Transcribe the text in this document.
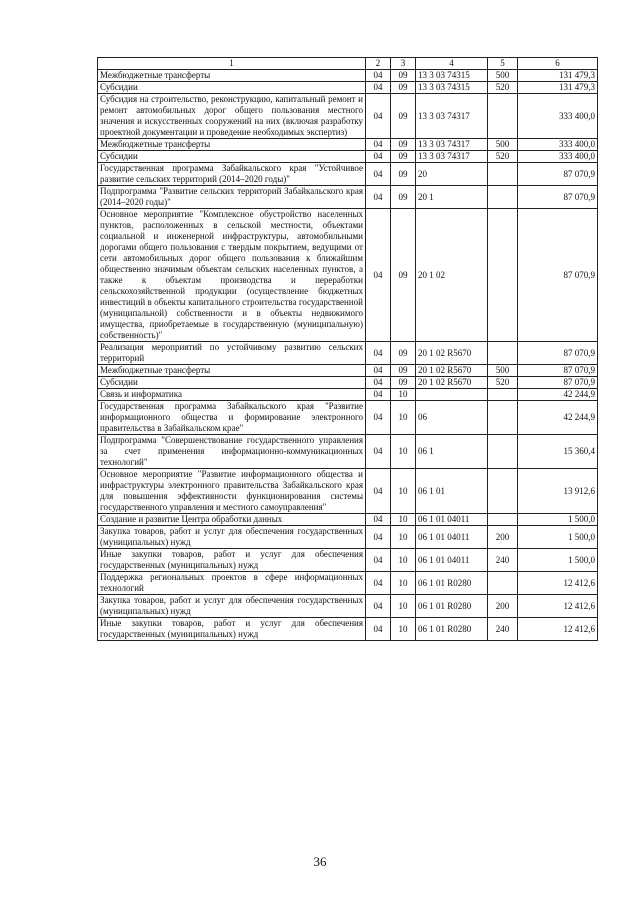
1	2	3	4	5	6
Межбюджетные трансферты	04	09	13 3 03 74315	500	131 479,3
Субсидии	04	09	13 3 03 74315	520	131 479,3
Субсидия на строительство, реконструкцию, капитальный ремонт и ремонт автомобильных дорог общего пользования местного значения и искусственных сооружений на них (включая разработку проектной документации и проведение необходимых экспертиз)	04	09	13 3 03 74317		333 400,0
Межбюджетные трансферты	04	09	13 3 03 74317	500	333 400,0
Субсидии	04	09	13 3 03 74317	520	333 400,0
Государственная программа Забайкальского края "Устойчивое развитие сельских территорий (2014–2020 годы)"	04	09	20		87 070,9
Подпрограмма "Развитие сельских территорий Забайкальского края (2014–2020 годы)"	04	09	20 1		87 070,9
Основное мероприятие "Комплексное обустройство населенных пунктов, расположенных в сельской местности, объектами социальной и инженерной инфраструктуры, автомобильными дорогами общего пользования с твердым покрытием, ведущими от сети автомобильных дорог общего пользования к ближайшим общественно значимым объектам сельских населенных пунктов, а также к объектам производства и переработки сельскохозяйственной продукции (осуществление бюджетных инвестиций в объекты капитального строительства государственной (муниципальной) собственности и в объекты недвижимого имущества, приобретаемые в государственную (муниципальную) собственность)"	04	09	20 1 02		87 070,9
Реализация мероприятий по устойчивому развитию сельских территорий	04	09	20 1 02 R5670		87 070,9
Межбюджетные трансферты	04	09	20 1 02 R5670	500	87 070,9
Субсидии	04	09	20 1 02 R5670	520	87 070,9
Связь и информатика	04	10			42 244,9
Государственная программа Забайкальского края "Развитие информационного общества и формирование электронного правительства в Забайкальском крае"	04	10	06		42 244,9
Подпрограмма "Совершенствование государственного управления за счет применения информационно-коммуникационных технологий"	04	10	06 1		15 360,4
Основное мероприятие "Развитие информационного общества и инфраструктуры электронного правительства Забайкальского края для повышения эффективности функционирования системы государственного управления и местного самоуправления"	04	10	06 1 01		13 912,6
Создание и развитие Центра обработки данных	04	10	06 1 01 04011		1 500,0
Закупка товаров, работ и услуг для обеспечения государственных (муниципальных) нужд	04	10	06 1 01 04011	200	1 500,0
Иные закупки товаров, работ и услуг для обеспечения государственных (муниципальных) нужд	04	10	06 1 01 04011	240	1 500,0
Поддержка региональных проектов в сфере информационных технологий	04	10	06 1 01 R0280		12 412,6
Закупка товаров, работ и услуг для обеспечения государственных (муниципальных) нужд	04	10	06 1 01 R0280	200	12 412,6
Иные закупки товаров, работ и услуг для обеспечения государственных (муниципальных) нужд	04	10	06 1 01 R0280	240	12 412,6
36
